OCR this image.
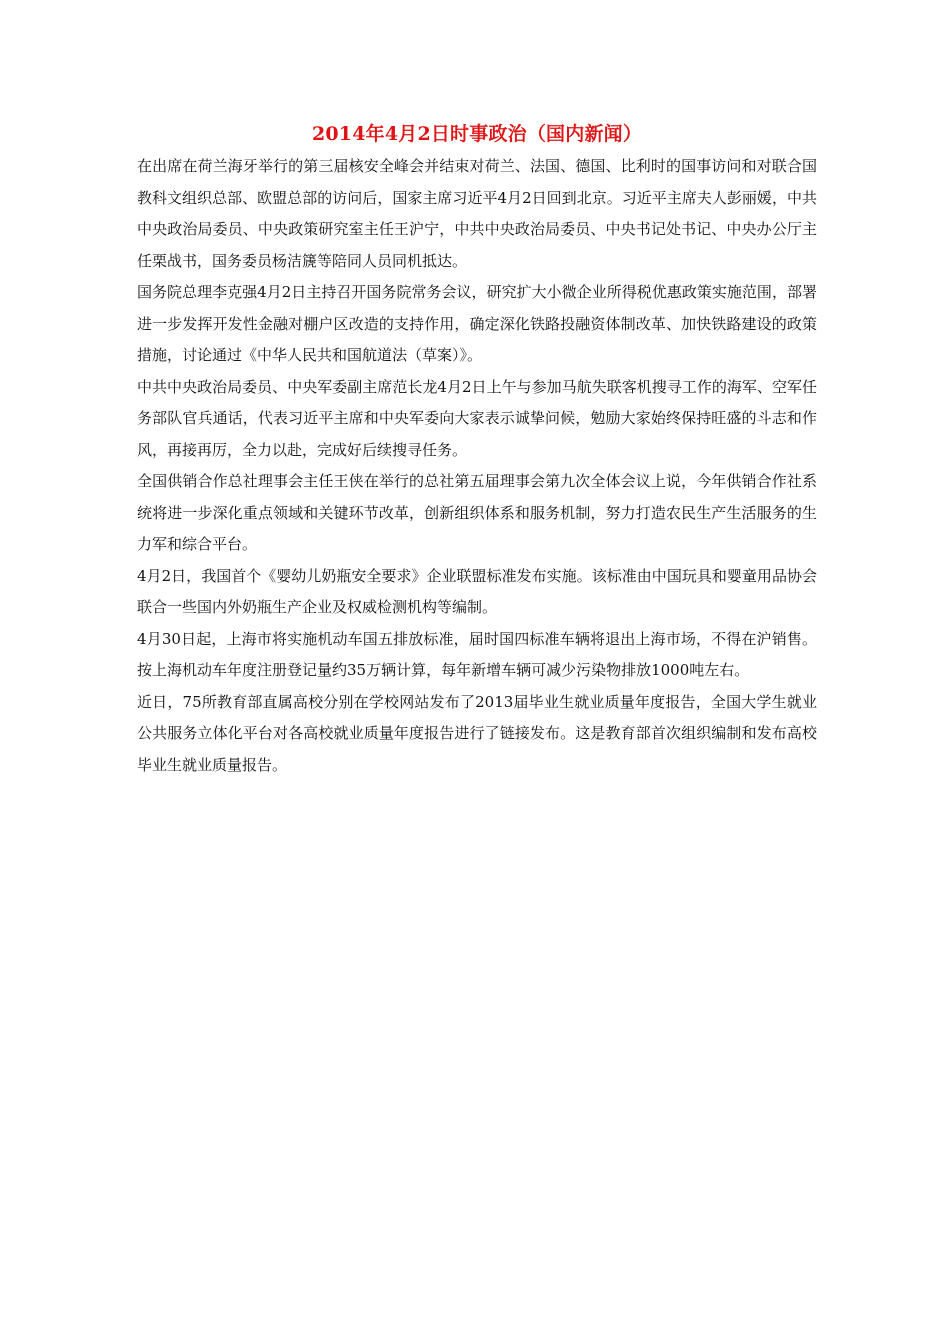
2014年4月2日时事政治（国内新闻）

在出席在荷兰海牙举行的第三届核安全峰会并结束对荷兰、法国、德国、比利时的国事访问和对联合国教科文组织总部、欧盟总部的访问后，国家主席习近平4月2日回到北京。习近平主席夫人彭丽媛，中共中央政治局委员、中央政策研究室主任王沪宁，中共中央政治局委员、中央书记处书记、中央办公厅主任栗战书，国务委员杨洁篪等陪同人员同机抵达。

国务院总理李克强4月2日主持召开国务院常务会议，研究扩大小微企业所得税优惠政策实施范围，部署进一步发挥开发性金融对棚户区改造的支持作用，确定深化铁路投融资体制改革、加快铁路建设的政策措施，讨论通过《中华人民共和国航道法（草案）》。

中共中央政治局委员、中央军委副主席范长龙4月2日上午与参加马航失联客机搜寻工作的海军、空军任务部队官兵通话，代表习近平主席和中央军委向大家表示诚挚问候，勉励大家始终保持旺盛的斗志和作风，再接再厉，全力以赴，完成好后续搜寻任务。

全国供销合作总社理事会主任王侠在举行的总社第五届理事会第九次全体会议上说，今年供销合作社系统将进一步深化重点领域和关键环节改革，创新组织体系和服务机制，努力打造农民生产生活服务的生力军和综合平台。

4月2日，我国首个《婴幼儿奶瓶安全要求》企业联盟标准发布实施。该标准由中国玩具和婴童用品协会联合一些国内外奶瓶生产企业及权威检测机构等编制。

4月30日起，上海市将实施机动车国五排放标准，届时国四标准车辆将退出上海市场，不得在沪销售。按上海机动车年度注册登记量约35万辆计算，每年新增车辆可减少污染物排放1000吨左右。

近日，75所教育部直属高校分别在学校网站发布了2013届毕业生就业质量年度报告，全国大学生就业公共服务立体化平台对各高校就业质量年度报告进行了链接发布。这是教育部首次组织编制和发布高校毕业生就业质量报告。
